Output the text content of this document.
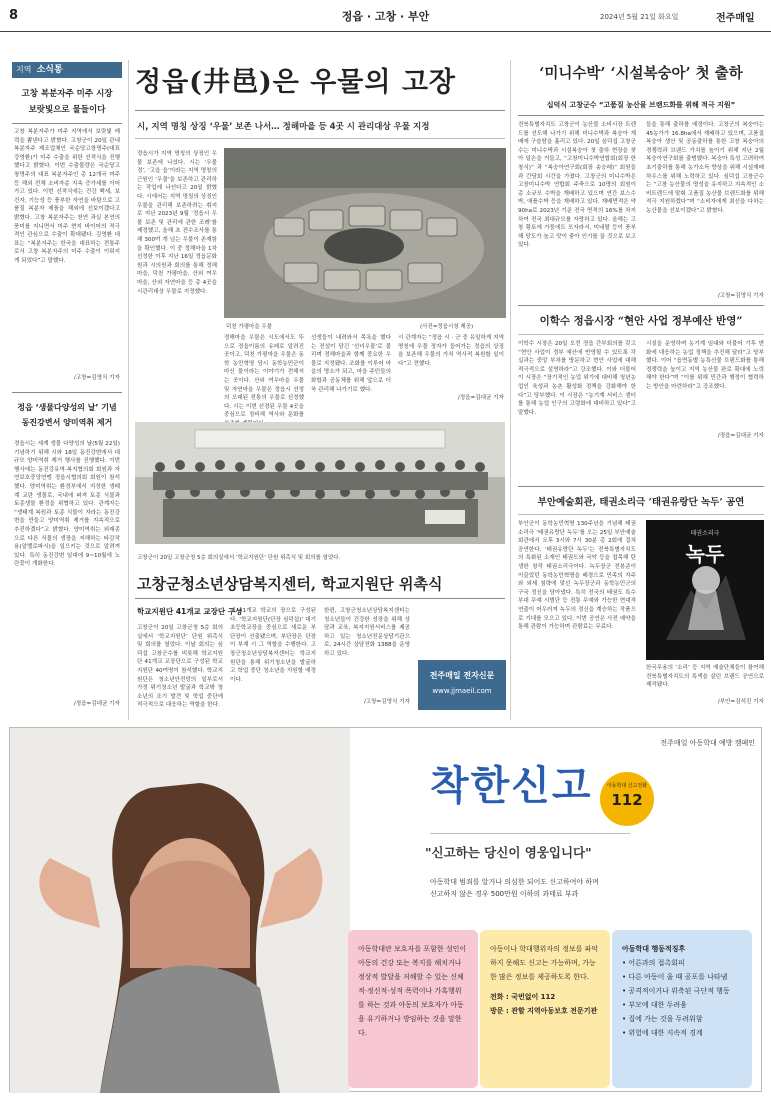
8	정읍 · 고창 · 부안	2024년 5월 21일 화요일	전주매일
지역 소식통
고창 복분자주 미주 시장
보랏빛으로 물들이다
고창 복분자주가 미주 지역에서 보랏빛 매력을 뽐낸다고 밝혔다. 고창군이 20일 관내 복분자주 제조업체인 국순당고창명주(대표 강영환)가 미주 수출을 위한 선적식을 진행했다고 밝혔다. 이번 수출물량은 국순당고창명주의 대표 복분자주인 총 12개국 미주 등 해외 전체 소비자층 지속 증가세를 이어가고 있다. 이번 선적식에는 건강 백세, 보건자, 기능성 등 풍부한 자연을 바탕으로 고품질 복분자 제품을 해외에 선보이겠다고 밝혔다. 고창 복분자주는 천연 과실 본연의 풍미를 지니면서 미주 현지 바이어의 적극적인 관심으로 수출이 확대됐다. 김영환 대표는 “복분자주는 한국을 대표하는 전통주로서 고창 복분자주의 미주 수출이 이뤄지게 되었다”고 말했다.
/고창=김영식 기자
정읍 ‘생물다양성의 날’ 기념
동진강변서 양미역취 제거
정읍시는 세계 생물 다양성의 날(5월 22일) 기념하기 위해 시와 18일 동진강변에서 대규모 양미역취 제거 행사를 진행했다. 이번 행사에는 동진강유역·복지협의회 회원과 자연보호중앙연맹 정읍시협의회 회원이 참석했다. 양미역취는 환경부에서 지정한 생태계 교란 생물로, 국내에 퍼져 토종 식물과 토종생물 환경을 위협하고 있다. 관계자는 “생태계 복원과 토종 식물이 자라는 동진강변을 만들고 양미역취 제거를 지속적으로 추진하겠다”고 밝혔다. 양미역취는 외래종으로 다른 식물의 생장을 저해하는 타감작용(알렐로파시)을 일으키는 것으로 알려져 있다. 특히 동진강변 일대에 9~10월에 노란꽃이 개화한다.
/정읍=김대균 기자
정읍(井邑)은 우물의 고장
시, 지역 명칭 상징 ‘우물’ 보존 나서… 정해마을 등 4곳 시 관리대상 우물 지정
정읍시가 지역 명칭의 상징인 우물 보존에 나섰다. 시는 ‘우물 정’, ‘고을 읍’이라는 지역 명칭의 근원인 ‘우물’을 보존하고 관리하는 작업에 나선다고 20일 밝혔다. 시에서는 지역 명칭의 상징인 우물을 관리해 보존하려는 취지로 지난 2023년 9월 ‘정읍시 우물 보존 및 관리에 관한 조례’를 제정했고, 올해 초 전수조사를 통해 300여 개 넘는 우물이 존재함을 확인했다. 이 중 정해마을 1차 선정한 이후 지난 16일 정읍문화원과 시의원과 회의를 통해 정해마을, 덕천 가평마을, 산외 여우마을, 산외 자연마을 등 총 4곳을 시관리대상 우물로 지정했다.
덕천 가평마을 우물	(사진=정읍시청 제공)
정해마을 우물은 시도에서도 뚜으로 정읍이름의 유래로 알려진 곳이고, 덕천 가평마을 우물은 동학 농민혁명 당시 동학농민군이 마신 물이라는 이야기가 전해지는 곳이다. 산외 여우마을 우물 및 자연마을 우물은 정읍시 선정의 오래된 전통의 우물로 선정했다. 시는 이번 선정된 우물 4곳을 중심으로 정비해 역사와 문화를
선생들이 내려와서 목욕을 했다는 전설이 담긴 ‘선녀우물’로 불리며 정해마을과 함께 중요한 우물로 지정됐다. 조화를 이루어 마을의 명소가 되고, 마을 주민들의 화합과 공동체를 위해 앞으로 더욱 관리해 나가기로 했다.
시 관계자는 “정읍 시 · 군 중 유일하게 지역 명칭에 우물 정자가 들어가는 정읍의 상징을 보존해 우물의 가치 역사적 복원할 일이다”고 전했다.
/정읍=김대균 기자
고창군이 20일 고창군청 5층 회의실에서 ‘학교지원단’ 단원 위촉식 및 회의를 열었다.
고창군청소년상담복지센터, 학교지원단 위촉식
학교지원단 41개교 교장단 구성
고창군이 20일 고창군청 5층 회의실에서 ‘학교지원단’ 단원 위촉식 및 회의를 열었다. 이날 회의는 심덕섭 고창군수를 비롯해 학교지원단 41개교 교장단으로 구성된 학교지원단 40여명이 참석했다. 학교지원단은 청소년안전망의 일부로서 가정 위기청소년 발굴과 학교밖 청소년의 조기 발견 및 학업 중단에 적극적으로 대응하는 역할을 한다.
내 41개교 학교의 장으로 구성된다. ‘학교지원단(단장 심덕섭)’ 대기초등학교장을 중심으로 새로운 부단장이 선출됐으며, 부단장은 단장이 부재 시 그 역할을 수행한다. 고창군청소년상담복지센터는 학교지원단을 통해 위기청소년을 발굴하고 학업 중단 청소년을 지원할 예정이다.
한편, 고창군청소년상담복지센터는 청소년들이 건강한 성장을 위해 상담과 교육, 복지지원서비스를 제공하고 있는 청소년전문상담기관으로, 24시간 상담전화 1388을 운영하고 있다.
/고창=김영식 기자
전주매일 전자신문
www.jjmaeil.com
‘미니수박’ ‘시설복숭아’ 첫 출하
십덕식 고창군수 “고품질 농산물 브랜드화를 위해 적극 지원”
전북특별자치도 고창군이 농산물 소비시장 트렌드를 선도해 나가기 위해 미니수박과 복숭아 재배에 구슬땀을 흘리고 있다. 20일 심덕섭 고창군수는 미니수박과 시설복숭아 첫 출하 현장을 찾아 일손을 거들고, “고창미니수박연합회(회장 한창식)” 과 “복숭아연구회(회장 송승래)” 회원들과 간담회 시간을 가졌다. 고창군의 미니수박은 고창미니수박 연합회 주축으로 10명의 회원이 총 소규모 수박을 재배하고 있으며 연간 보스수박, 애플수박 등을 재배하고 있다. 재배면적은 약 90ha로 2023년 기준 전국 면적의 16%를 차지하여 전국 최대규모를 자랑하고 있다. 올해는 고창 황토에 가뭄에도 모자라서, 미네랄 등이 풍부해 당도가 높고 맛이 좋아 인기를 끌 것으로 보고 있다.
들을 통해 출하를 예정이다. 고창군의 복숭아는 45농가가 16.8ha에서 재배하고 있으며, 고품질 복숭아 생산 및 공동출하를 통한 고창 복숭아의 경쟁력과 브랜드 가치를 높이기 위해 지난 2월 복숭아연구회를 출범했다. 복숭아 특성 고려하여 초기출하를 통해 농가소득 향상을 위해 시설재배 하우스를 위해 노력하고 있다. 심덕섭 고창군수는 “고창 농산물의 명성을 유지하고 지속적인 소비트렌드에 맞춰 고품질 농산물 브랜드화를 위해 적극 지원하겠다”며 “소비자에게 최선을 다하는 농산물을 선보이겠다”고 밝혔다.
/고창=김영식 기자
이학수 정읍시장 “현안 사업 정부예산 반영”
이학수 시장은 20일 오전 정읍 간부회의를 갖고 “현안 사업이 정부 예산에 반영될 수 있도록 각 실과는 중앙 부처를 방문하고 현안 사업에 대해 적극적으로 설명하라”고 강조했다. 이와 더불어 이 시장은 “장기적인 농업 위기에 대비해 청년농업인 육성과 농촌 활성화 정책을 강화해야 한다”고 당부했다. 이 시장은 “농기계 서비스 센터를 통해 농업 인구의 고령화에 대비하고 있다”고 말했다.
시설을 운영하며 농기계 임대와 더불어 기후 변화에 대응하는 농업 정책을 추진해 달라”고 당부했다. 이어 “읍면동별 농특산물 브랜드화를 통해 경쟁력을 높이고 지역 농산물 판로 확대에 노력해야 한다”며 “이를 위해 민간과 행정이 협력하는 방안을 마련하라”고 강조했다.
/정읍=김대균 기자
부안예술회관, 태권소리극 ‘태권유랑단 녹두’ 공연
부안군이 동학농민혁명 130주년을 기념해 태권소리극 ‘태권유랑단 녹두’를 오는 25일 부안예술회관에서 오후 3시와 7시 30분 총 2회에 걸쳐 공연한다. ‘태권유랑단 녹두’는 전북특별자치도의 특화된 소재인 태권도와 국악 등을 접목해 탄생한 창작 태권소리극이다. 녹두장군 전봉준이 이끌었던 동학농민혁명을 배경으로 민족의 자주와 외세 침략에 맞선 녹두장군과 동학농민군의 구국 정신을 담아냈다. 특히 전국의 태권도 특수부대 무예 시범단 등 전통 무예와 가능한 현대적 연출이 어우러져 녹두의 정신을 계승하는 작품으로 기대를 모으고 있다. 이번 공연은 사전 예약을 통해 관람이 가능하며 관람료는 무료다.
녹두
태권소리극
한국무용의 ‘소리’ 등 지역 예술단체들이 참여해 전북특별자치도의 특색을 살린 브랜드 공연으로 제작됐다.
/부안=김석진 기자
전주매일 아동학대 예방 캠페인
착한신고	아동학대 신고전화
112
"신고하는 당신이 영웅입니다"
아동학대 범죄를 알거나 의심한 되어도 신고하여야 하며
신고하지 않은 경우 500만원 이하의 과태료 부과

아동학대란 보호자를 포함한 성인이 아동의 건강 또는 복지를 해치거나 정상적 발달을 저해할 수 있는 신체적·정신적·성적 폭력이나 가혹행위를 하는 것과 아동의 보호자가 아동을 유기하거나 방임하는 것을 말한다.

아동이나 학대행위자의 정보를 파악하지 못해도 신고는 가능하며, 가능한 많은 정보를 제공하도록 한다.

전화 : 국번없이 112

방문 : 관할 지역아동보호 전문기관

아동학대 행동적징후

• 어른과의 접촉회피
• 다른 아동이 울 때 공포를 나타냄
• 공격적이거나 위축된 극단적 행동
• 부모에 대한 두려움
• 집에 가는 것을 두려워함
• 위험에 대한 지속적 경계
